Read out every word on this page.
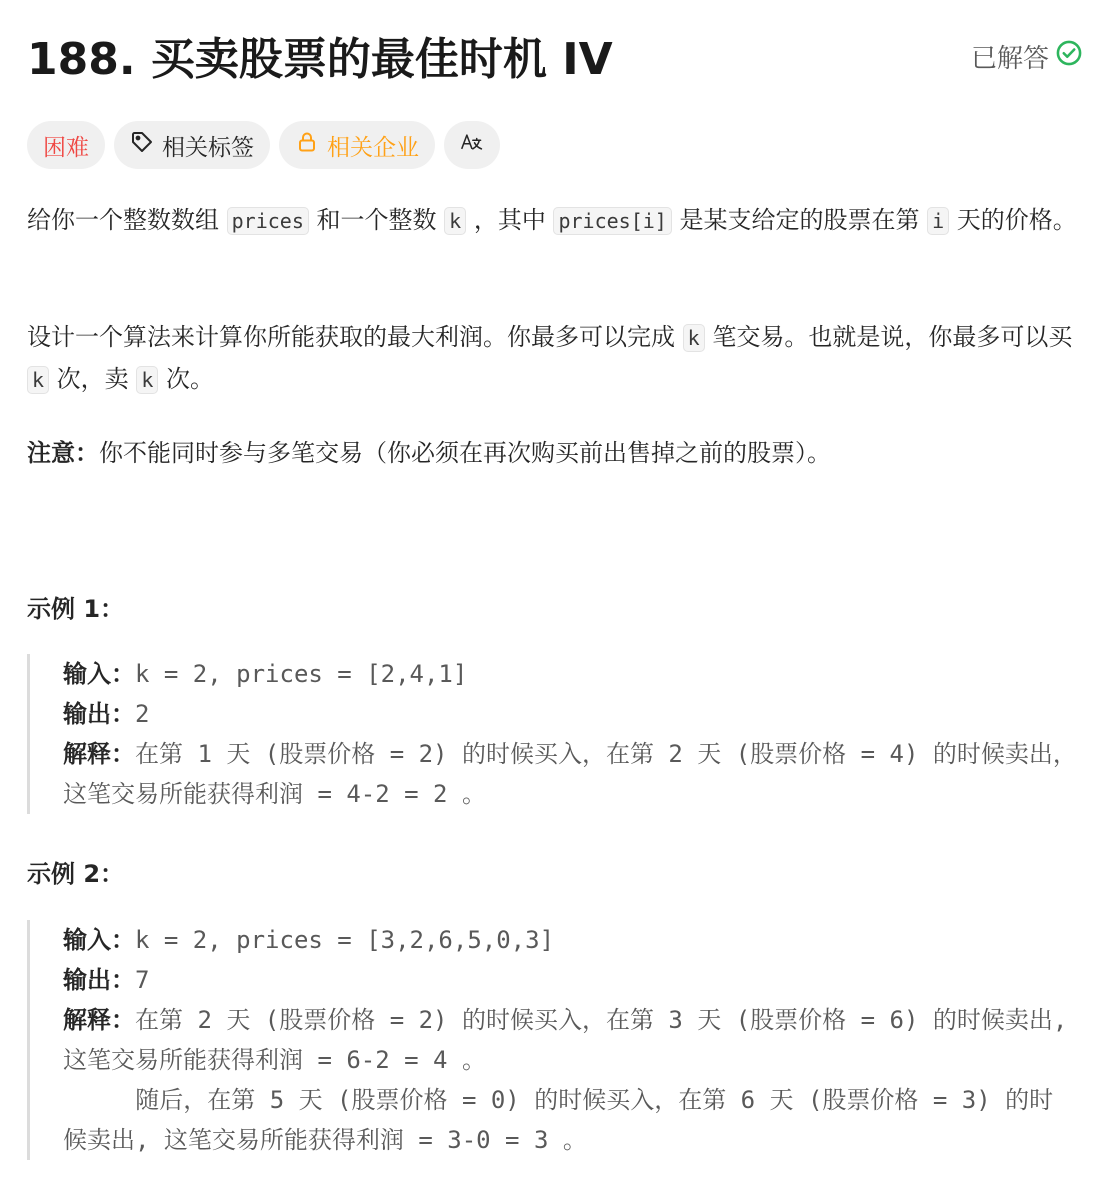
188. 买卖股票的最佳时机 IV	已解答
困难	相关标签	相关企业

给你一个整数数组 prices 和一个整数 k ，其中 prices[i] 是某支给定的股票在第 i 天的价格。

设计一个算法来计算你所能获取的最大利润。你最多可以完成 k 笔交易。也就是说，你最多可以买 k 次，卖 k 次。

注意：你不能同时参与多笔交易（你必须在再次购买前出售掉之前的股票）。

示例 1：
输入：k = 2, prices = [2,4,1]
输出：2
解释：在第 1 天 (股票价格 = 2) 的时候买入，在第 2 天 (股票价格 = 4) 的时候卖出，这笔交易所能获得利润 = 4-2 = 2 。
示例 2：
输入：k = 2, prices = [3,2,6,5,0,3]
输出：7
解释：在第 2 天 (股票价格 = 2) 的时候买入，在第 3 天 (股票价格 = 6) 的时候卖出, 这笔交易所能获得利润 = 6-2 = 4 。
随后，在第 5 天 (股票价格 = 0) 的时候买入，在第 6 天 (股票价格 = 3) 的时候卖出, 这笔交易所能获得利润 = 3-0 = 3 。
